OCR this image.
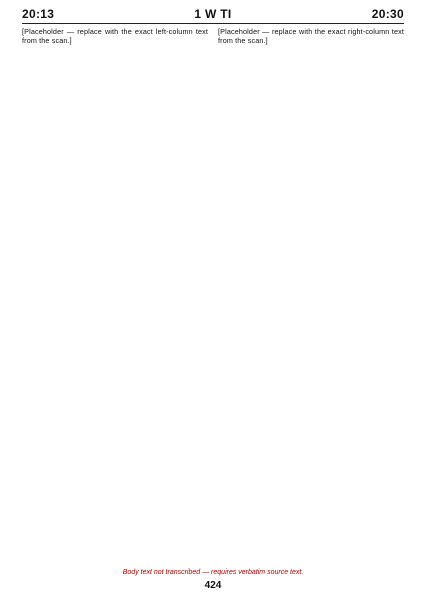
20:13	1 W TI	20:30

[Placeholder — replace with the exact left-column text from the scan.]

[Placeholder — replace with the exact right-column text from the scan.]

Body text not transcribed — requires verbatim source text.
424
